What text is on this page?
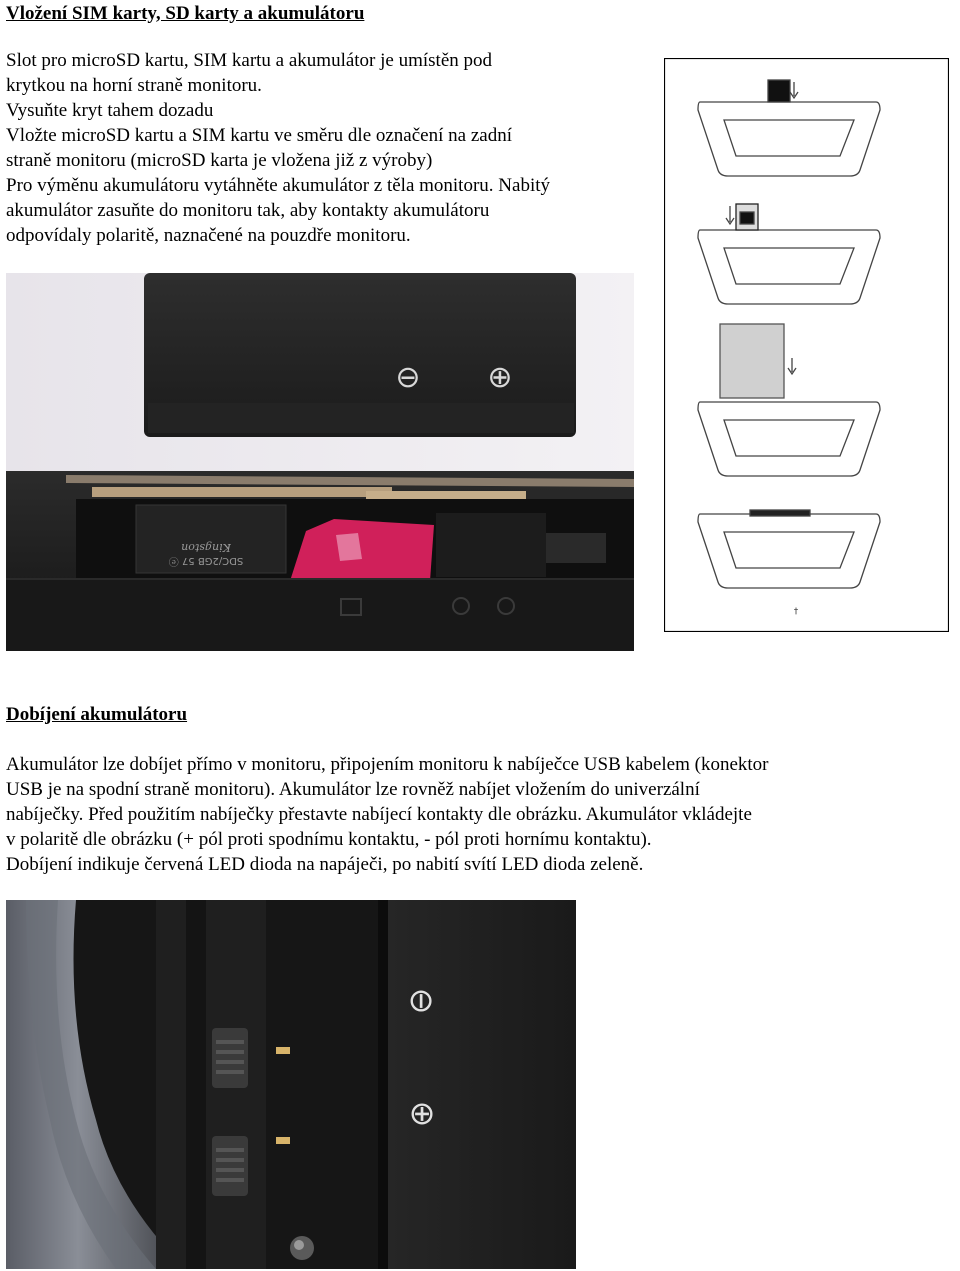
Vložení SIM karty, SD karty a akumulátoru
Slot pro microSD kartu, SIM kartu a akumulátor je umístěn pod
krytkou na horní straně monitoru.
Vysuňte kryt tahem dozadu
Vložte microSD kartu a SIM kartu ve směru dle označení na zadní
straně monitoru (microSD karta je vložena již z výroby)
Pro výměnu akumulátoru vytáhněte akumulátor z těla monitoru. Nabitý
akumulátor zasuňte do monitoru tak, aby kontakty akumulátoru
odpovídaly polaritě, naznačené na pouzdře monitoru.
⊖ ⊕
SDC/2GB 57 ⓔ
Kingston
†
Dobíjení akumulátoru
Akumulátor lze dobíjet přímo v monitoru, připojením monitoru k nabíječce USB kabelem (konektor
USB je na spodní straně monitoru). Akumulátor lze rovněž nabíjet vložením do univerzální
nabíječky. Před použitím nabíječky přestavte nabíjecí kontakty dle obrázku. Akumulátor vkládejte
v polaritě dle obrázku (+ pól proti spodnímu kontaktu, - pól proti hornímu kontaktu).
Dobíjení indikuje červená LED dioda na napáječi, po nabití svítí LED dioda zeleně.
⊖
⊕
